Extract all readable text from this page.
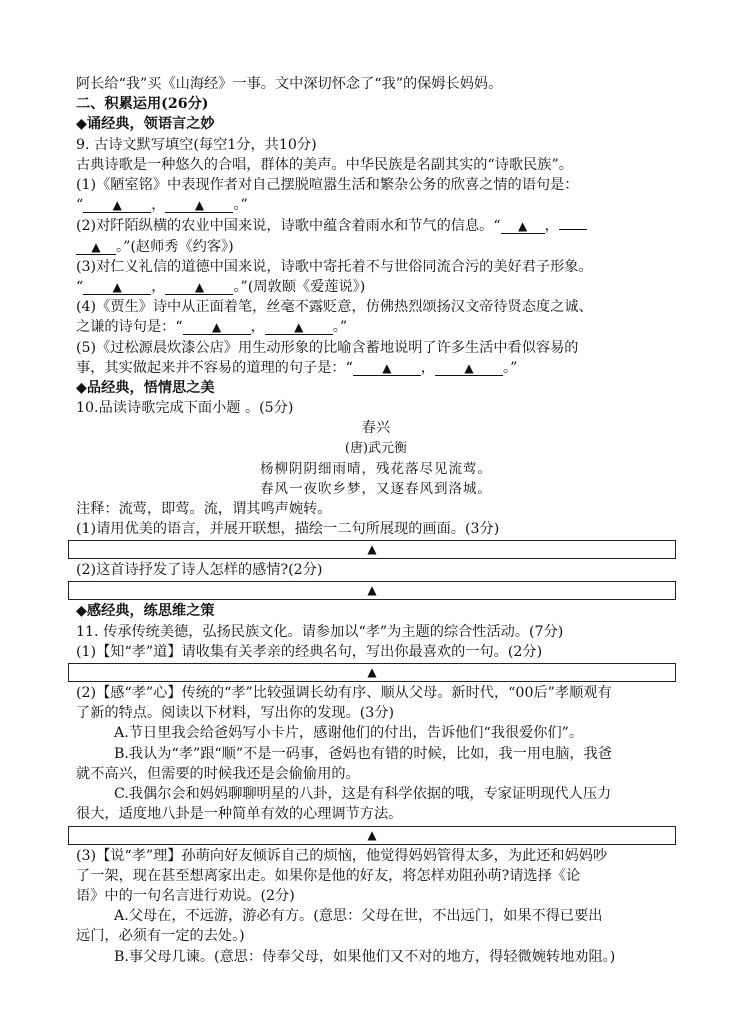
阿长给“我”买《山海经》一事。文中深切怀念了“我”的保姆长妈妈。
二、积累运用(26分)
◆诵经典，领语言之妙
9. 古诗文默写填空(每空1分，共10分)
古典诗歌是一种悠久的合唱，群体的美声。中华民族是名副其实的“诗歌民族”。
(1)《陋室铭》中表现作者对自己摆脱喧嚣生活和繁杂公务的欣喜之情的语句是：
“ ▲ ， ▲ 。”
(2)对阡陌纵横的农业中国来说，诗歌中蕴含着雨水和节气的信息。“ ▲ ，
▲ 。”(赵师秀《约客》)
(3)对仁义礼信的道德中国来说，诗歌中寄托着不与世俗同流合污的美好君子形象。
“ ▲ ， ▲ 。”(周敦颐《爱莲说》)
(4)《贾生》诗中从正面着笔，丝毫不露贬意，仿佛热烈颂扬汉文帝待贤态度之诚、
之谦的诗句是：“ ▲ ， ▲ 。”
(5)《过松源晨炊漆公店》用生动形象的比喻含蓄地说明了许多生活中看似容易的
事，其实做起来并不容易的道理的句子是：“ ▲ ， ▲ 。”
◆品经典，悟情思之美
10.品读诗歌完成下面小题 。(5分)
春兴
(唐)武元衡
杨柳阴阴细雨晴，残花落尽见流莺。
春风一夜吹乡梦，又逐春风到洛城。
注释：流莺，即莺。流，谓其鸣声婉转。
(1)请用优美的语言，并展开联想，描绘一二句所展现的画面。(3分)
▲
(2)这首诗抒发了诗人怎样的感情?(2分)
▲
◆感经典，练思维之策
11. 传承传统美德，弘扬民族文化。请参加以“孝”为主题的综合性活动。(7分)
(1)【知“孝”道】请收集有关孝亲的经典名句，写出你最喜欢的一句。(2分)
▲
(2)【感“孝”心】传统的“孝”比较强调长幼有序、顺从父母。新时代，“00后”孝顺观有
了新的特点。阅读以下材料，写出你的发现。(3分)
A.节日里我会给爸妈写小卡片，感谢他们的付出，告诉他们“我很爱你们”。
B.我认为“孝”跟“顺”不是一码事，爸妈也有错的时候，比如，我一用电脑，我爸
就不高兴，但需要的时候我还是会偷偷用的。
C.我偶尔会和妈妈聊聊明星的八卦，这是有科学依据的哦，专家证明现代人压力
很大，适度地八卦是一种简单有效的心理调节方法。
▲
(3)【说“孝”理】孙萌向好友倾诉自己的烦恼，他觉得妈妈管得太多，为此还和妈妈吵
了一架，现在甚至想离家出走。如果你是他的好友，将怎样劝阻孙萌?请选择《论
语》中的一句名言进行劝说。(2分)
A.父母在，不远游，游必有方。(意思：父母在世，不出远门，如果不得已要出
远门，必须有一定的去处。)
B.事父母几谏。(意思：侍奉父母，如果他们又不对的地方，得轻微婉转地劝阻。)
